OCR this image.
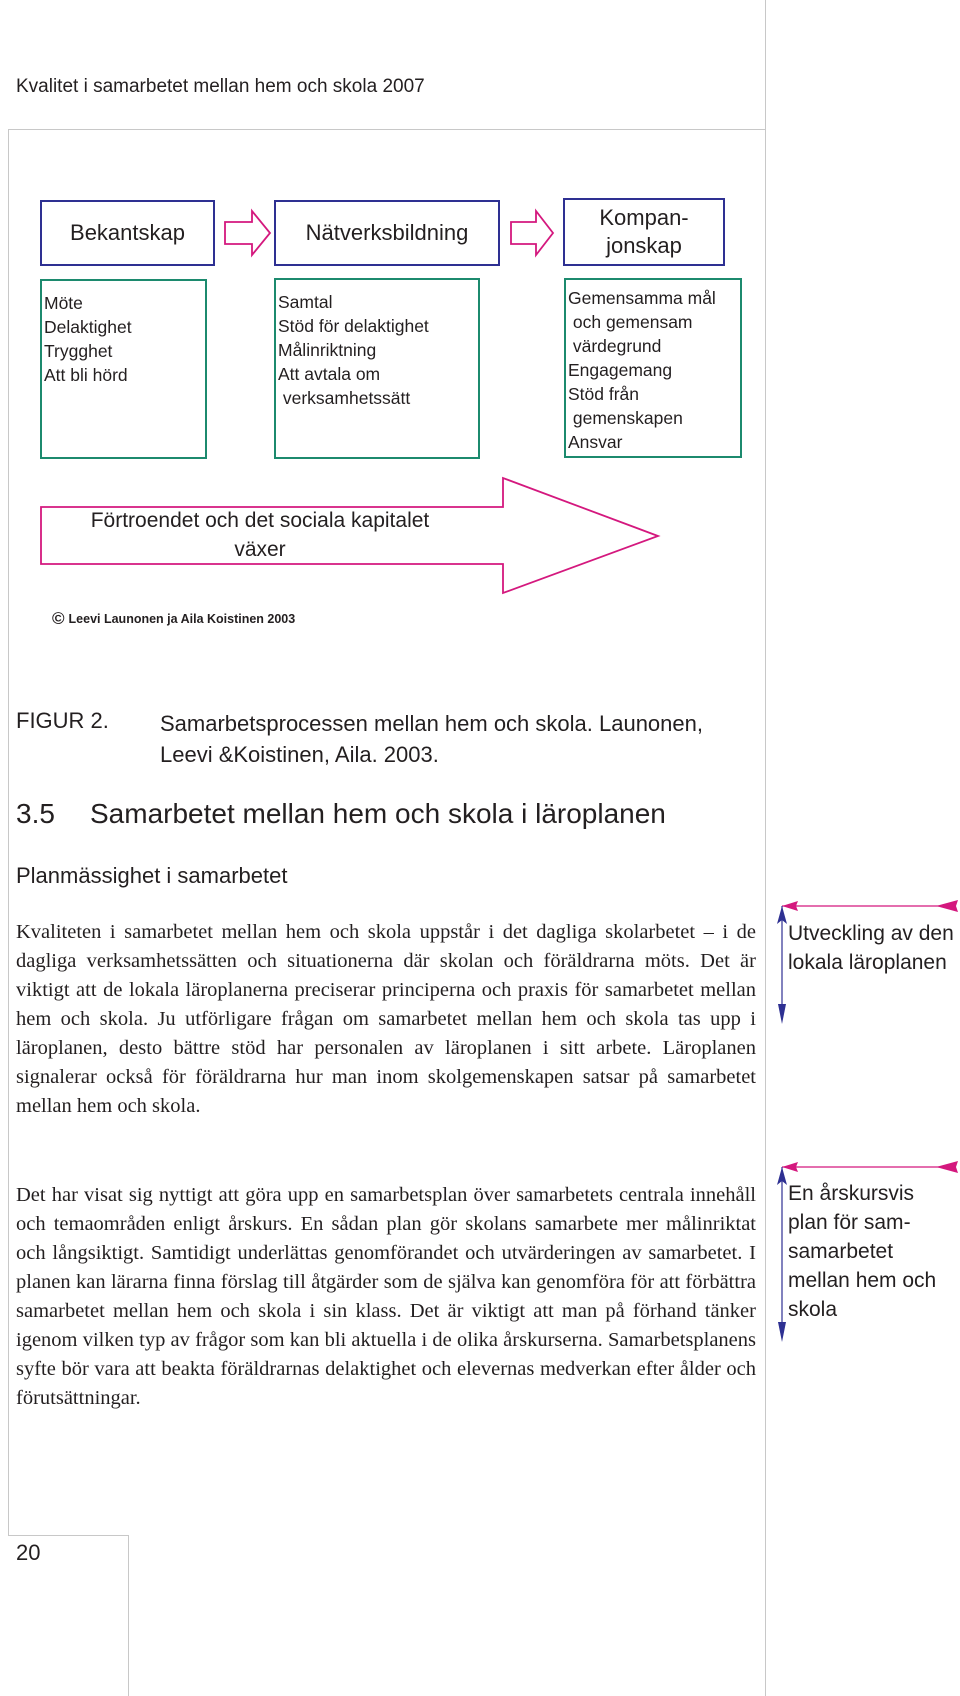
Kvalitet i samarbetet mellan hem och skola 2007
Bekantskap	Nätverksbildning
Kompan-
jonskap
Möte
Delaktighet
Trygghet
Att bli hörd
Samtal
Stöd för delaktighet
Målinriktning
Att avtala om
verksamhetssätt
Gemensamma mål
och gemensam
värdegrund
Engagemang
Stöd från
gemenskapen
Ansvar
Förtroendet och det sociala kapitalet växer
© Leevi Launonen ja Aila Koistinen 2003
FIGUR 2. Samarbetsprocessen mellan hem och skola. Launonen, Leevi &Koistinen, Aila. 2003.
3.5 Samarbetet mellan hem och skola i läroplanen
Planmässighet i samarbetet
Kvaliteten i samarbetet mellan hem och skola uppstår i det dagliga skolarbetet – i de dagliga verksamhetssätten och situationerna där skolan och föräldrarna möts. Det är viktigt att de lokala läroplanerna preciserar principerna och praxis för samarbetet mellan hem och skola. Ju utförligare frågan om samarbetet mellan hem och skola tas upp i läroplanen, desto bättre stöd har personalen av läroplanen i sitt arbete. Läroplanen signalerar också för föräldrarna hur man inom skolgemenskapen satsar på samarbetet mellan hem och skola.
Det har visat sig nyttigt att göra upp en samarbetsplan över samarbetets centrala innehåll och temaområden enligt årskurs. En sådan plan gör skolans samarbete mer målinriktat och långsiktigt. Samtidigt underlättas genomförandet och utvärderingen av samarbetet. I planen kan lärarna finna förslag till åtgärder som de själva kan genomföra för att förbättra samarbetet mellan hem och skola i sin klass. Det är viktigt att man på förhand tänker igenom vilken typ av frågor som kan bli aktuella i de olika årskurserna. Samarbetsplanens syfte bör vara att beakta föräldrarnas delaktighet och elevernas medverkan efter ålder och förutsättningar.
Utveckling av den lokala läroplanen
En årskursvis plan för samsamarbetet mellan hem och skola
20
